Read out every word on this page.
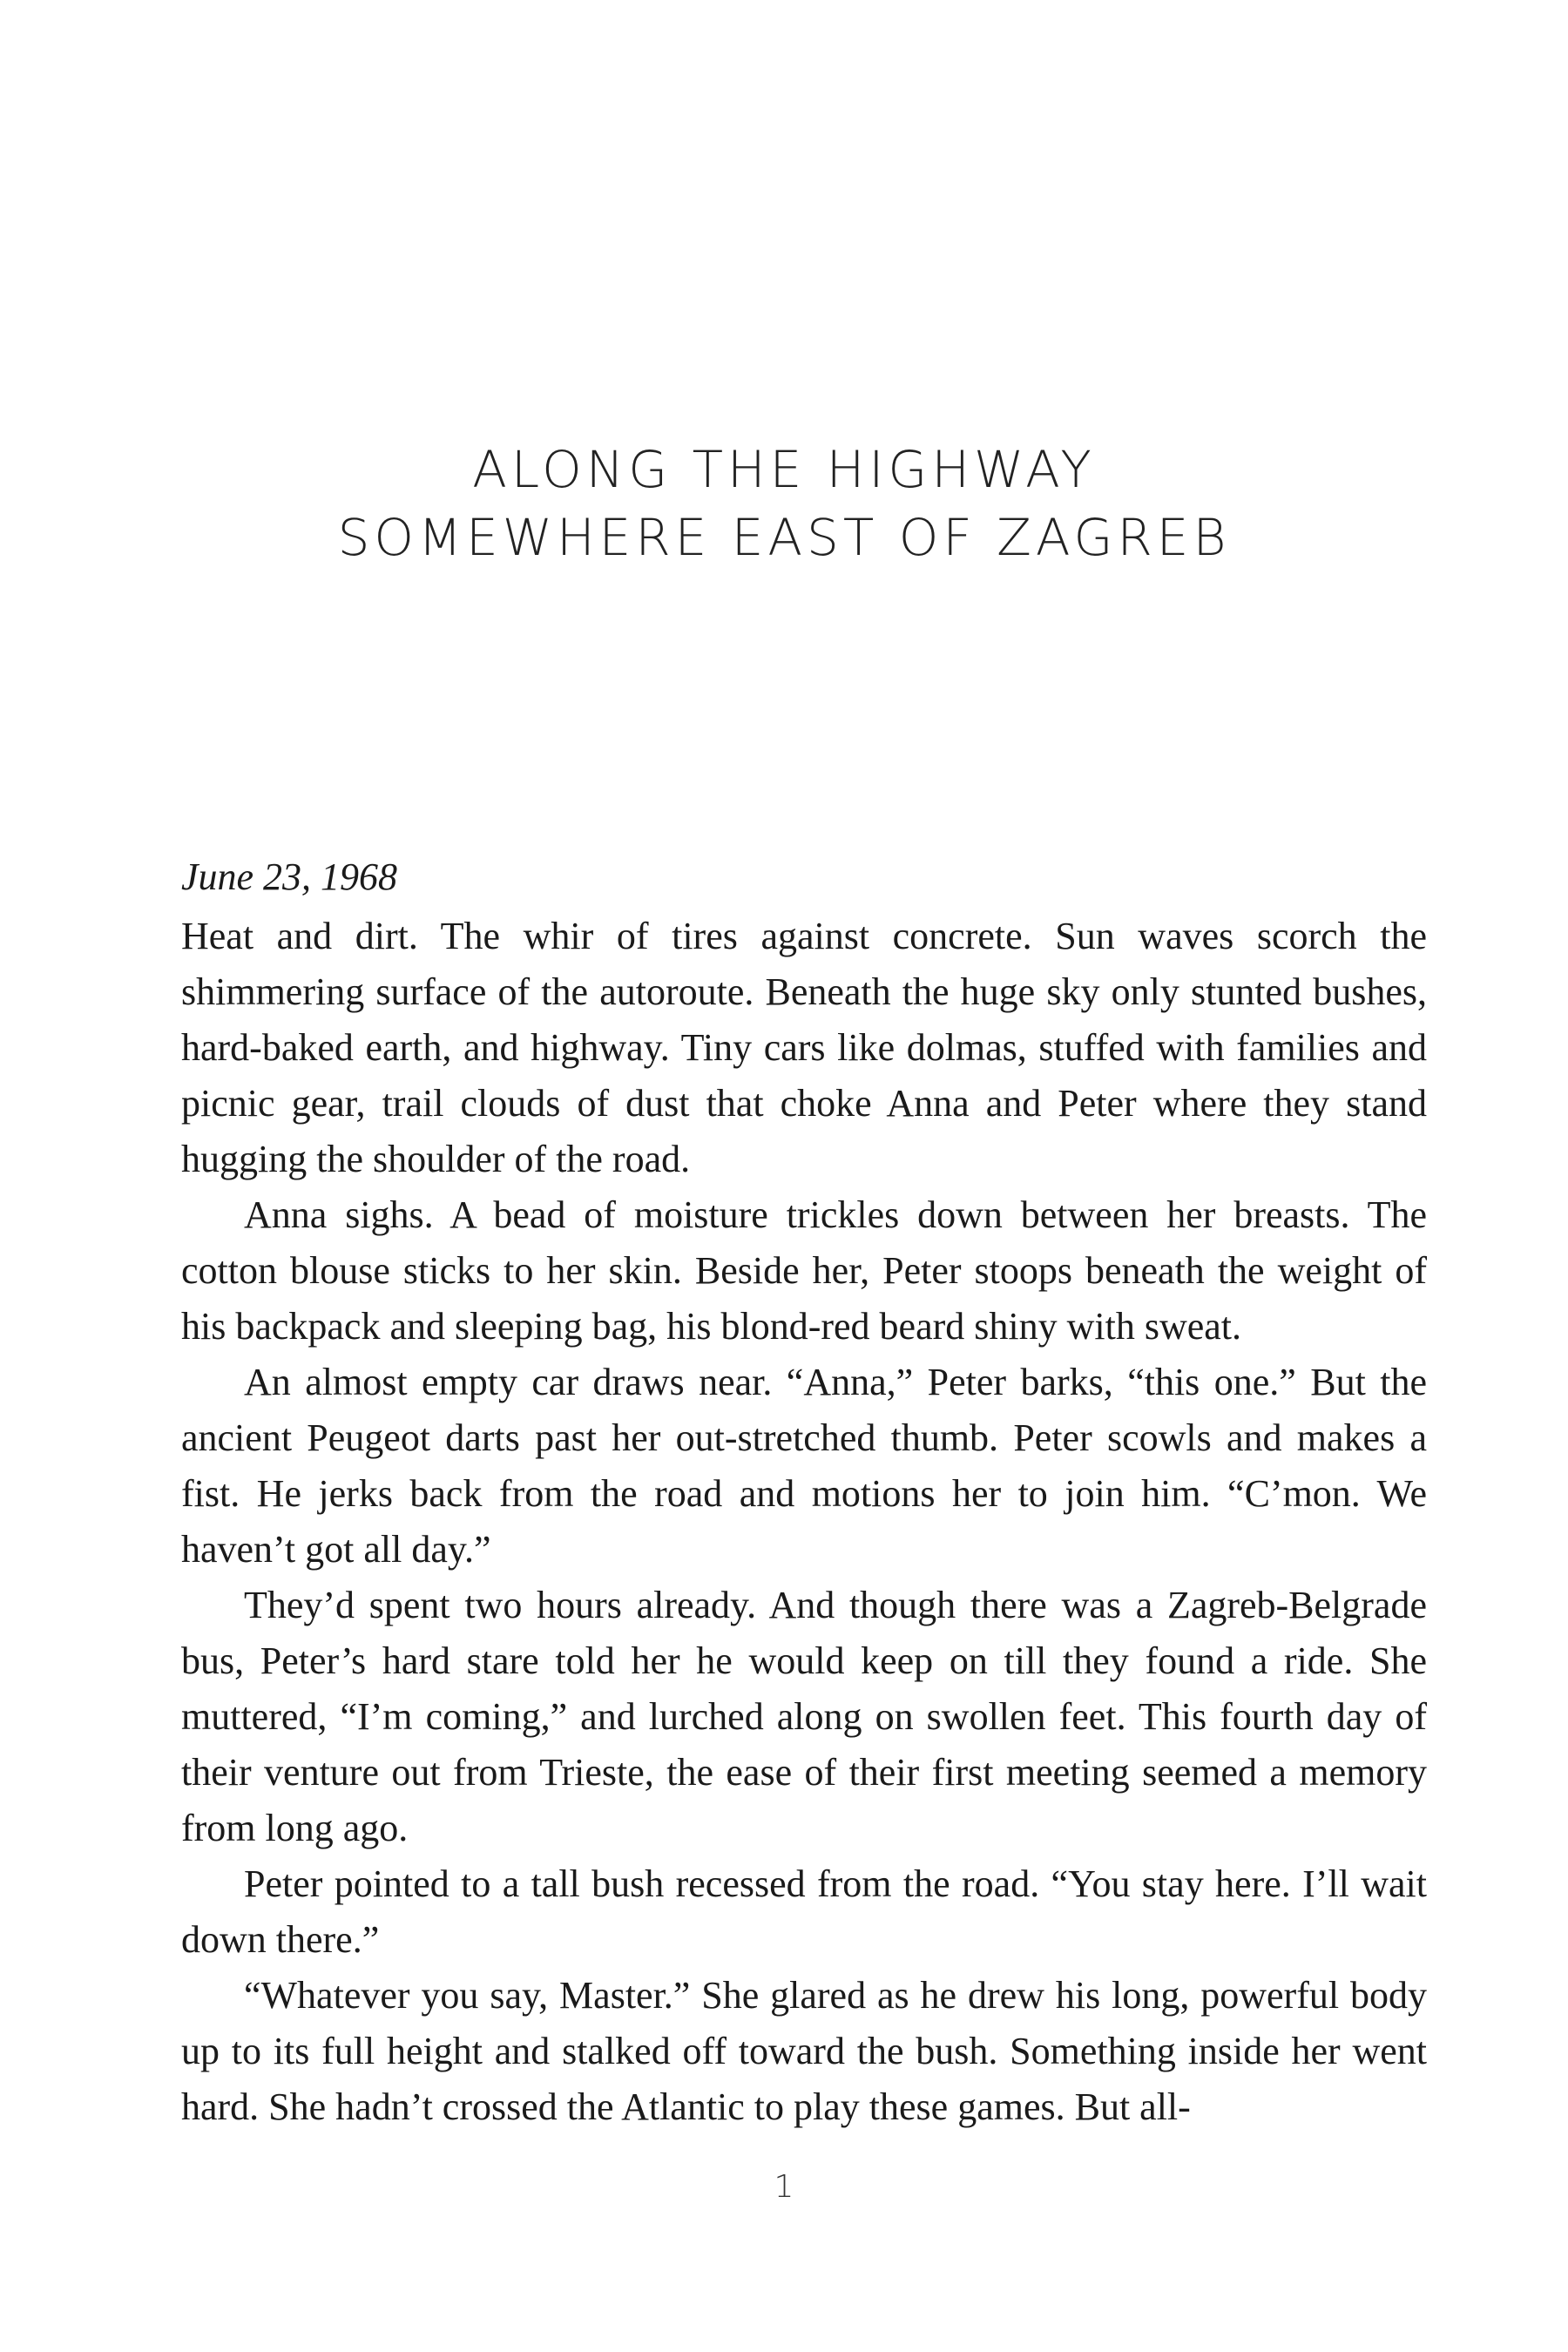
ALONG THE HIGHWAY
SOMEWHERE EAST OF ZAGREB

June 23, 1968

Heat and dirt. The whir of tires against concrete. Sun waves scorch the shimmering surface of the autoroute. Beneath the huge sky only stunted bushes, hard-baked earth, and highway. Tiny cars like dolmas, stuffed with families and picnic gear, trail clouds of dust that choke Anna and Peter where they stand hugging the shoulder of the road.

Anna sighs. A bead of moisture trickles down between her breasts. The cotton blouse sticks to her skin. Beside her, Peter stoops beneath the weight of his backpack and sleeping bag, his blond-red beard shiny with sweat.

An almost empty car draws near. “Anna,” Peter barks, “this one.” But the ancient Peugeot darts past her out-stretched thumb. Peter scowls and makes a fist. He jerks back from the road and motions her to join him. “C’mon. We haven’t got all day.”

They’d spent two hours already. And though there was a Zagreb-Belgrade bus, Peter’s hard stare told her he would keep on till they found a ride. She muttered, “I’m coming,” and lurched along on swollen feet. This fourth day of their venture out from Trieste, the ease of their first meeting seemed a memory from long ago.

Peter pointed to a tall bush recessed from the road. “You stay here. I’ll wait down there.”

“Whatever you say, Master.” She glared as he drew his long, powerful body up to its full height and stalked off toward the bush. Something inside her went hard. She hadn’t crossed the Atlantic to play these games. But all-

1
